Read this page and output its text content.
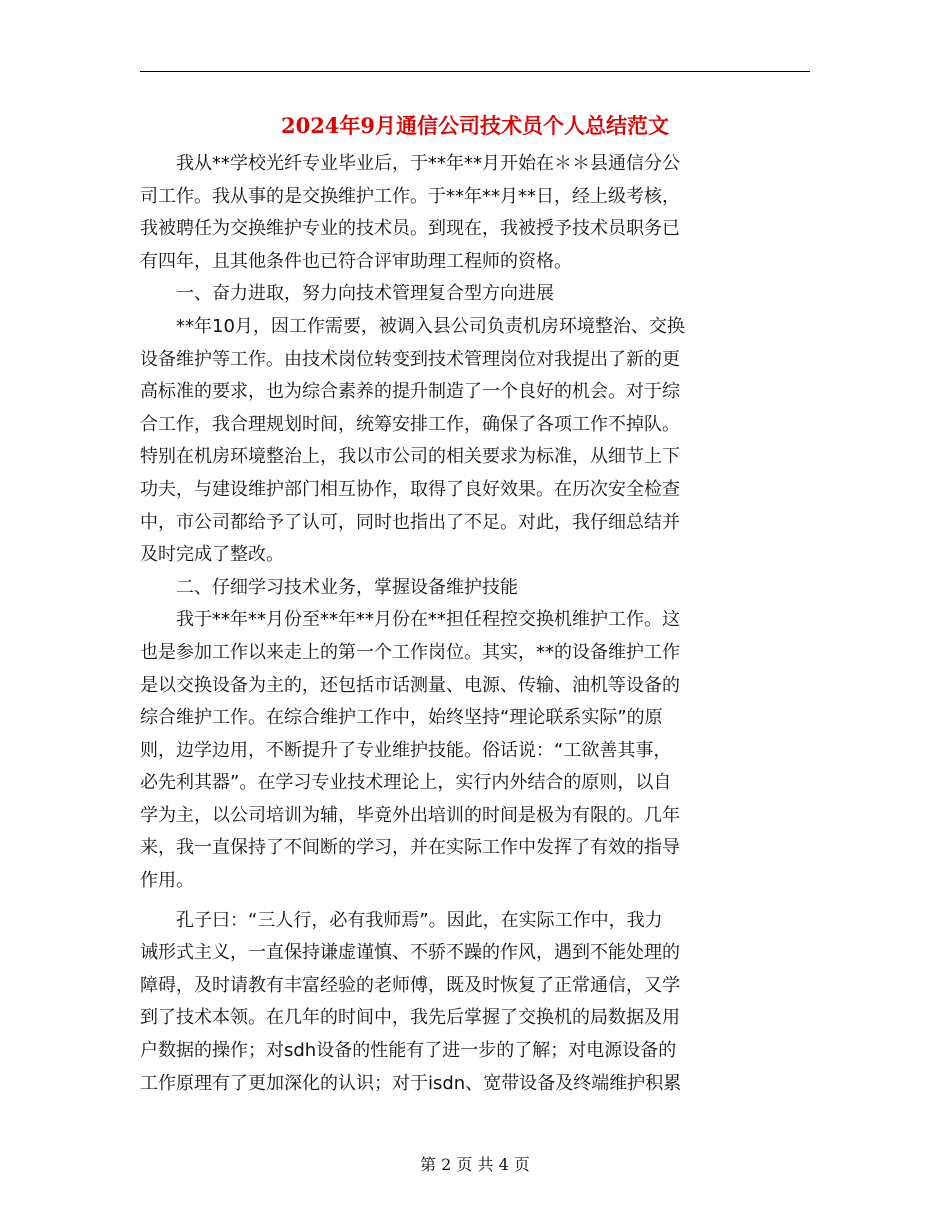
2024年9月通信公司技术员个人总结范文
　　我从**学校光纤专业毕业后，于**年**月开始在＊＊县通信分公
司工作。我从事的是交换维护工作。于**年**月**日，经上级考核，
我被聘任为交换维护专业的技术员。到现在，我被授予技术员职务已
有四年，且其他条件也已符合评审助理工程师的资格。
　　一、奋力进取，努力向技术管理复合型方向进展
　　**年10月，因工作需要，被调入县公司负责机房环境整治、交换
设备维护等工作。由技术岗位转变到技术管理岗位对我提出了新的更
高标准的要求，也为综合素养的提升制造了一个良好的机会。对于综
合工作，我合理规划时间，统筹安排工作，确保了各项工作不掉队。
特别在机房环境整治上，我以市公司的相关要求为标准，从细节上下
功夫，与建设维护部门相互协作，取得了良好效果。在历次安全检查
中，市公司都给予了认可，同时也指出了不足。对此，我仔细总结并
及时完成了整改。
　　二、仔细学习技术业务，掌握设备维护技能
　　我于**年**月份至**年**月份在**担任程控交换机维护工作。这
也是参加工作以来走上的第一个工作岗位。其实，**的设备维护工作
是以交换设备为主的，还包括市话测量、电源、传输、油机等设备的
综合维护工作。在综合维护工作中，始终坚持“理论联系实际”的原
则，边学边用，不断提升了专业维护技能。俗话说：“工欲善其事，
必先利其器”。在学习专业技术理论上，实行内外结合的原则，以自
学为主，以公司培训为辅，毕竟外出培训的时间是极为有限的。几年
来，我一直保持了不间断的学习，并在实际工作中发挥了有效的指导
作用。
　　孔子曰：“三人行，必有我师焉”。因此，在实际工作中，我力
诫形式主义，一直保持谦虚谨慎、不骄不躁的作风，遇到不能处理的
障碍，及时请教有丰富经验的老师傅，既及时恢复了正常通信，又学
到了技术本领。在几年的时间中，我先后掌握了交换机的局数据及用
户数据的操作；对sdh设备的性能有了进一步的了解；对电源设备的
工作原理有了更加深化的认识；对于isdn、宽带设备及终端维护积累
第 2 页 共 4 页
